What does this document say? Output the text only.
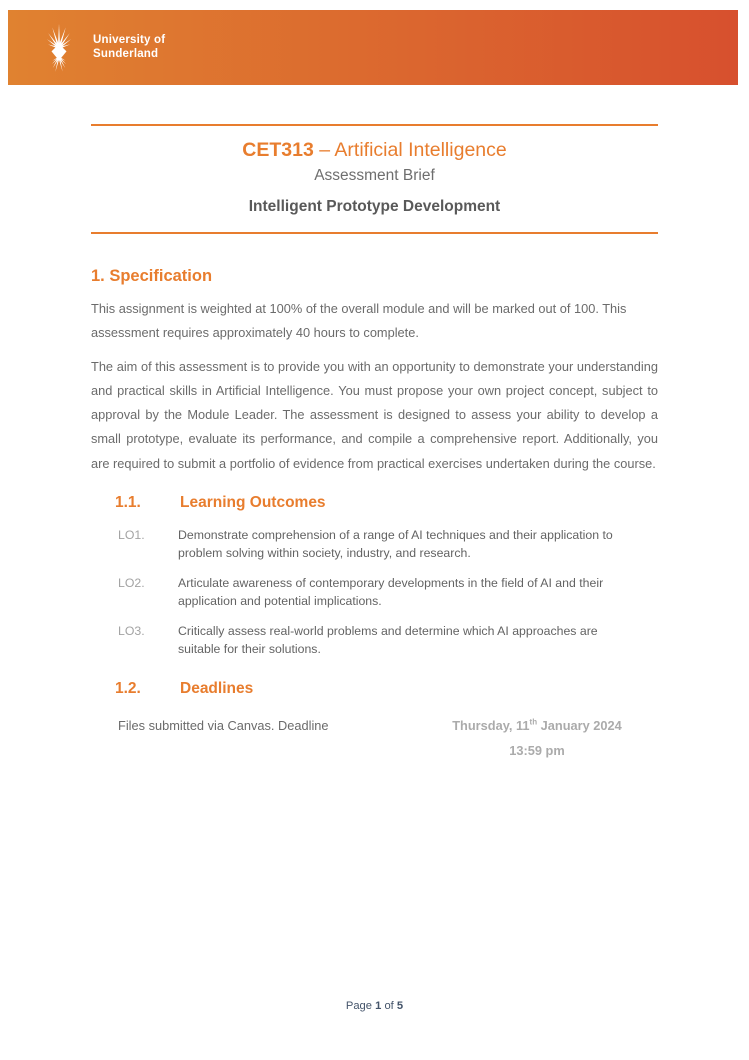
University of
Sunderland
CET313 – Artificial Intelligence
Assessment Brief
Intelligent Prototype Development
1. Specification

This assignment is weighted at 100% of the overall module and will be marked out of 100. This assessment requires approximately 40 hours to complete.

The aim of this assessment is to provide you with an opportunity to demonstrate your understanding and practical skills in Artificial Intelligence. You must propose your own project concept, subject to approval by the Module Leader. The assessment is designed to assess your ability to develop a small prototype, evaluate its performance, and compile a comprehensive report. Additionally, you are required to submit a portfolio of evidence from practical exercises undertaken during the course.

1.1.	Learning Outcomes
LO1.	Demonstrate comprehension of a range of AI techniques and their application to problem solving within society, industry, and research.
LO2.	Articulate awareness of contemporary developments in the field of AI and their application and potential implications.
LO3.	Critically assess real-world problems and determine which AI approaches are suitable for their solutions.
1.2.	Deadlines
Files submitted via Canvas. Deadline	Thursday, 11th January 2024
13:59 pm
Page 1 of 5
